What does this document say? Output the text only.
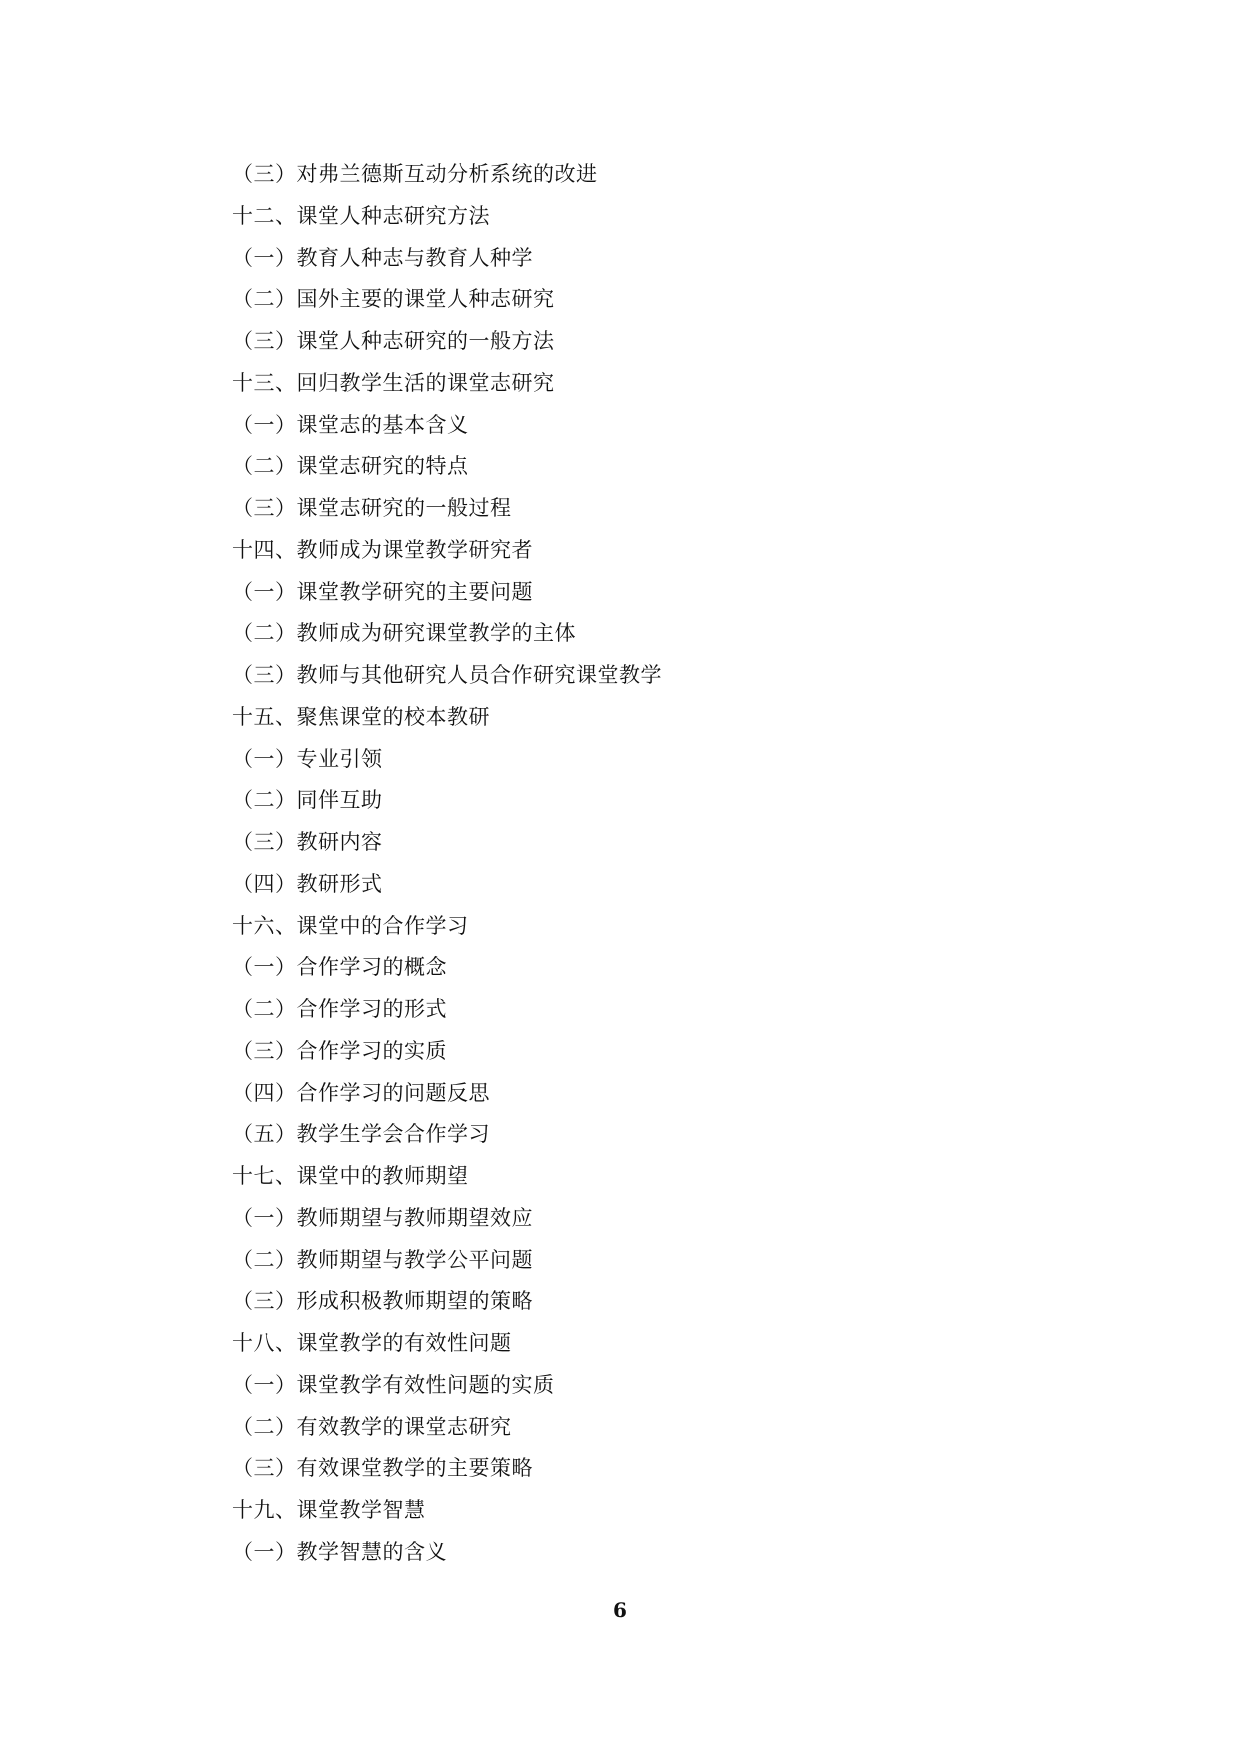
（三）对弗兰德斯互动分析系统的改进
十二、课堂人种志研究方法
（一）教育人种志与教育人种学
（二）国外主要的课堂人种志研究
（三）课堂人种志研究的一般方法
十三、回归教学生活的课堂志研究
（一）课堂志的基本含义
（二）课堂志研究的特点
（三）课堂志研究的一般过程
十四、教师成为课堂教学研究者
（一）课堂教学研究的主要问题
（二）教师成为研究课堂教学的主体
（三）教师与其他研究人员合作研究课堂教学
十五、聚焦课堂的校本教研
（一）专业引领
（二）同伴互助
（三）教研内容
（四）教研形式
十六、课堂中的合作学习
（一）合作学习的概念
（二）合作学习的形式
（三）合作学习的实质
（四）合作学习的问题反思
（五）教学生学会合作学习
十七、课堂中的教师期望
（一）教师期望与教师期望效应
（二）教师期望与教学公平问题
（三）形成积极教师期望的策略
十八、课堂教学的有效性问题
（一）课堂教学有效性问题的实质
（二）有效教学的课堂志研究
（三）有效课堂教学的主要策略
十九、课堂教学智慧
（一）教学智慧的含义
6
